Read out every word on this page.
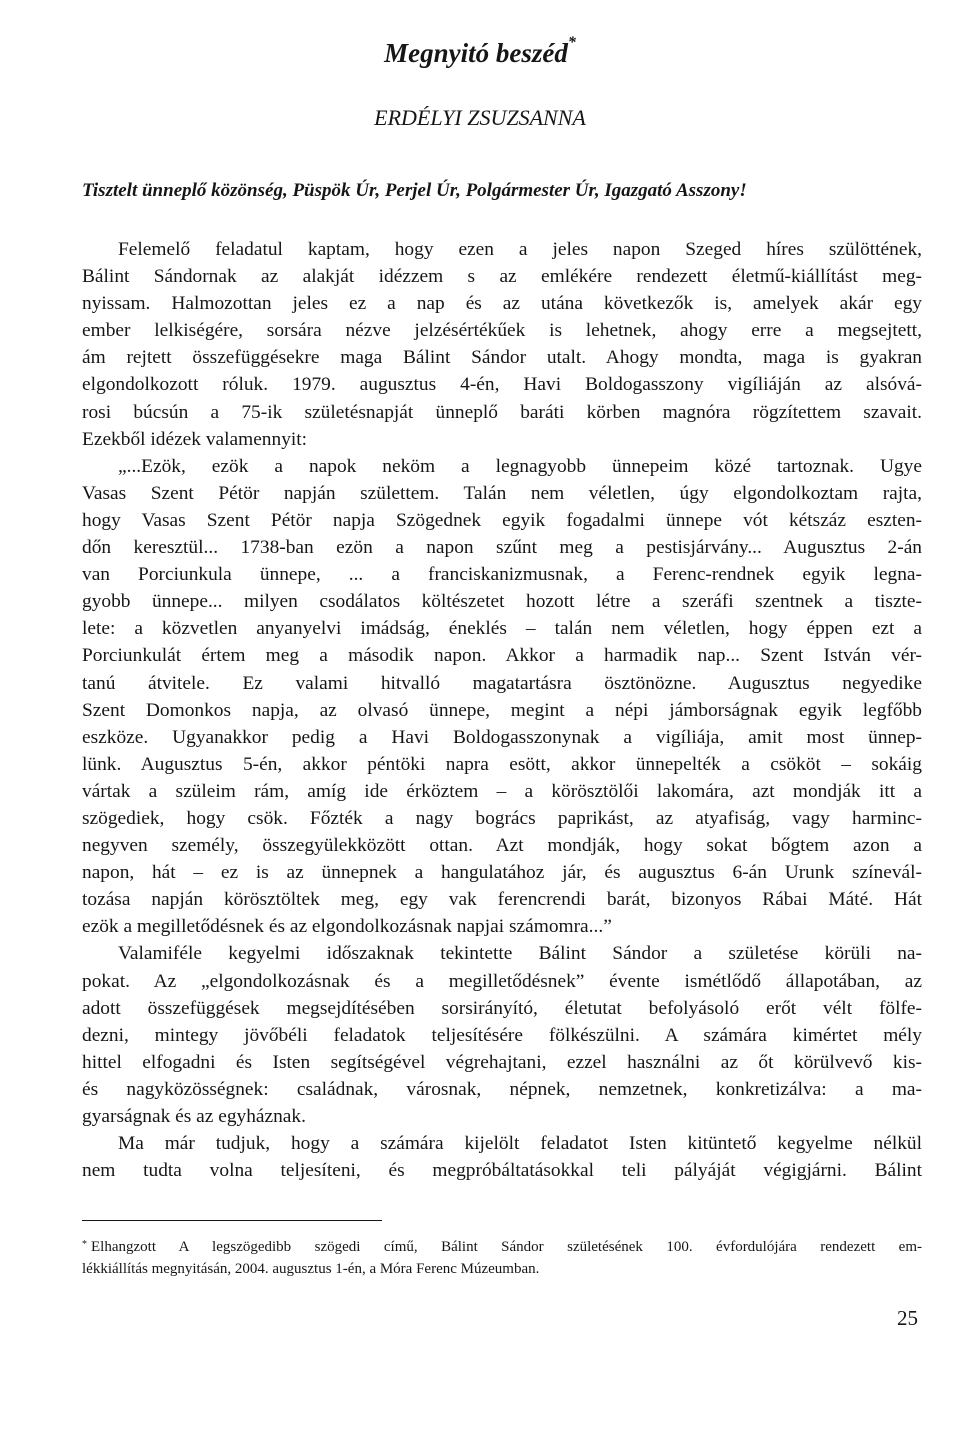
Megnyitó beszéd*
ERDÉLYI ZSUZSANNA
Tisztelt ünneplő közönség, Püspök Úr, Perjel Úr, Polgármester Úr, Igazgató Asszony!
Felemelő feladatul kaptam, hogy ezen a jeles napon Szeged híres szülöttének,
Bálint Sándornak az alakját idézzem s az emlékére rendezett életmű-kiállítást meg-
nyissam. Halmozottan jeles ez a nap és az utána következők is, amelyek akár egy
ember lelkiségére, sorsára nézve jelzésértékűek is lehetnek, ahogy erre a megsejtett,
ám rejtett összefüggésekre maga Bálint Sándor utalt. Ahogy mondta, maga is gyakran
elgondolkozott róluk. 1979. augusztus 4-én, Havi Boldogasszony vigíliáján az alsóvá-
rosi búcsún a 75-ik születésnapját ünneplő baráti körben magnóra rögzítettem szavait.
Ezekből idézek valamennyit:
„...Ezök, ezök a napok neköm a legnagyobb ünnepeim közé tartoznak. Ugye
Vasas Szent Pétör napján születtem. Talán nem véletlen, úgy elgondolkoztam rajta,
hogy Vasas Szent Pétör napja Szögednek egyik fogadalmi ünnepe vót kétszáz eszten-
dőn keresztül... 1738-ban ezön a napon szűnt meg a pestisjárvány... Augusztus 2-án
van Porciunkula ünnepe, ... a franciskanizmusnak, a Ferenc-rendnek egyik legna-
gyobb ünnepe... milyen csodálatos költészetet hozott létre a szeráfi szentnek a tiszte-
lete: a közvetlen anyanyelvi imádság, éneklés – talán nem véletlen, hogy éppen ezt a
Porciunkulát értem meg a második napon. Akkor a harmadik nap... Szent István vér-
tanú átvitele. Ez valami hitvalló magatartásra ösztönözne. Augusztus negyedike
Szent Domonkos napja, az olvasó ünnepe, megint a népi jámborságnak egyik legfőbb
eszköze. Ugyanakkor pedig a Havi Boldogasszonynak a vigíliája, amit most ünnep-
lünk. Augusztus 5-én, akkor péntöki napra esött, akkor ünnepelték a csököt – sokáig
vártak a szüleim rám, amíg ide érköztem – a körösztölői lakomára, azt mondják itt a
szögediek, hogy csök. Főzték a nagy bogrács paprikást, az atyafiság, vagy harminc-
negyven személy, összegyülekközött ottan. Azt mondják, hogy sokat bőgtem azon a
napon, hát – ez is az ünnepnek a hangulatához jár, és augusztus 6-án Urunk színevál-
tozása napján körösztöltek meg, egy vak ferencrendi barát, bizonyos Rábai Máté. Hát
ezök a megilletődésnek és az elgondolkozásnak napjai számomra...”
Valamiféle kegyelmi időszaknak tekintette Bálint Sándor a születése körüli na-
pokat. Az „elgondolkozásnak és a megilletődésnek” évente ismétlődő állapotában, az
adott összefüggések megsejdítésében sorsirányító, életutat befolyásoló erőt vélt fölfe-
dezni, mintegy jövőbéli feladatok teljesítésére fölkészülni. A számára kimértet mély
hittel elfogadni és Isten segítségével végrehajtani, ezzel használni az őt körülvevő kis-
és nagyközösségnek: családnak, városnak, népnek, nemzetnek, konkretizálva: a ma-
gyarságnak és az egyháznak.
Ma már tudjuk, hogy a számára kijelölt feladatot Isten kitüntető kegyelme nélkül
nem tudta volna teljesíteni, és megpróbáltatásokkal teli pályáját végigjárni. Bálint
* Elhangzott A legszögedibb szögedi című, Bálint Sándor születésének 100. évfordulójára rendezett em-
lékkiállítás megnyitásán, 2004. augusztus 1-én, a Móra Ferenc Múzeumban.
25
